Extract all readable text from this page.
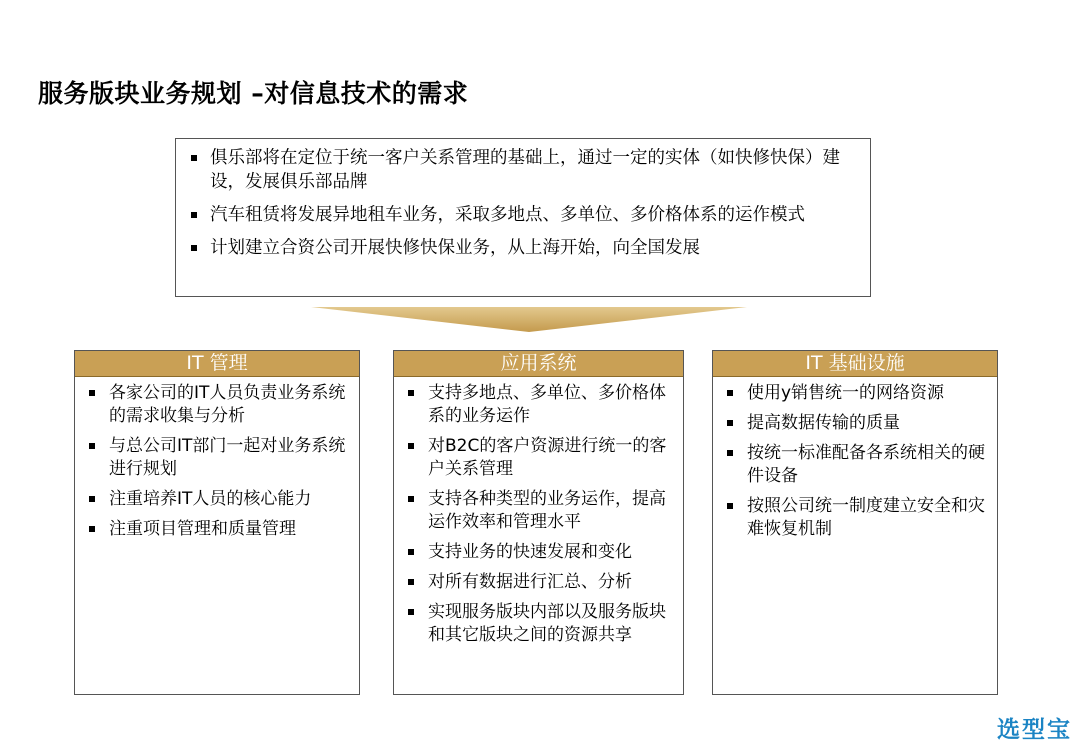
服务版块业务规划 –对信息技术的需求
俱乐部将在定位于统一客户关系管理的基础上，通过一定的实体（如快修快保）建设，发展俱乐部品牌
汽车租赁将发展异地租车业务，采取多地点、多单位、多价格体系的运作模式
计划建立合资公司开展快修快保业务，从上海开始，向全国发展
IT 管理
各家公司的IT人员负责业务系统的需求收集与分析
与总公司IT部门一起对业务系统进行规划
注重培养IT人员的核心能力
注重项目管理和质量管理
应用系统
支持多地点、多单位、多价格体系的业务运作
对B2C的客户资源进行统一的客户关系管理
支持各种类型的业务运作，提高运作效率和管理水平
支持业务的快速发展和变化
对所有数据进行汇总、分析
实现服务版块内部以及服务版块和其它版块之间的资源共享
IT 基础设施
使用y销售统一的网络资源
提高数据传输的质量
按统一标准配备各系统相关的硬件设备
按照公司统一制度建立安全和灾难恢复机制
选型宝
